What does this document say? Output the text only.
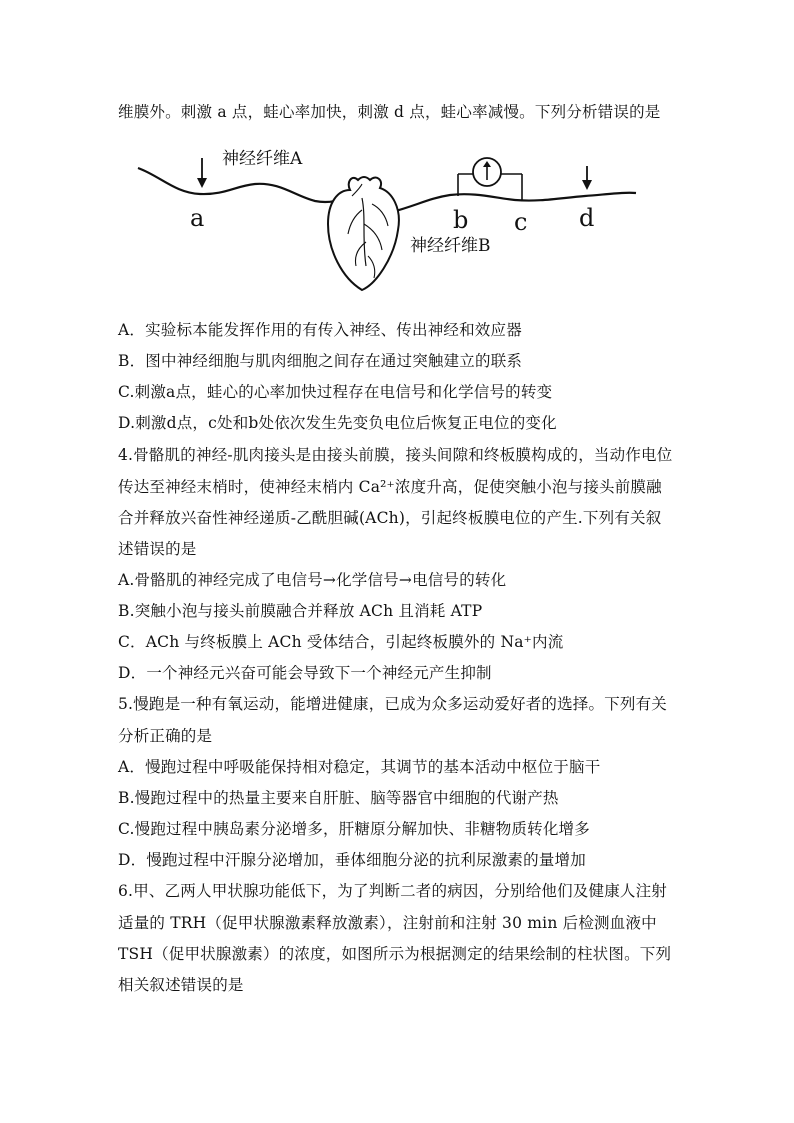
维膜外。刺激 a 点，蛙心率加快，刺激 d 点，蛙心率减慢。下列分析错误的是
神经纤维A
神经纤维B
a	b c d
A．实验标本能发挥作用的有传入神经、传出神经和效应器
B．图中神经细胞与肌肉细胞之间存在通过突触建立的联系
C.刺激a点，蛙心的心率加快过程存在电信号和化学信号的转变
D.刺激d点，c处和b处依次发生先变负电位后恢复正电位的变化
4.骨骼肌的神经-肌肉接头是由接头前膜，接头间隙和终板膜构成的，当动作电位
传达至神经末梢时，使神经末梢内 Ca²⁺浓度升高，促使突触小泡与接头前膜融
合并释放兴奋性神经递质-乙酰胆碱(ACh)，引起终板膜电位的产生.下列有关叙
述错误的是
A.骨骼肌的神经完成了电信号→化学信号→电信号的转化
B.突触小泡与接头前膜融合并释放 ACh 且消耗 ATP
C．ACh 与终板膜上 ACh 受体结合，引起终板膜外的 Na⁺内流
D．一个神经元兴奋可能会导致下一个神经元产生抑制
5.慢跑是一种有氧运动，能增进健康，已成为众多运动爱好者的选择。下列有关
分析正确的是
A．慢跑过程中呼吸能保持相对稳定，其调节的基本活动中枢位于脑干
B.慢跑过程中的热量主要来自肝脏、脑等器官中细胞的代谢产热
C.慢跑过程中胰岛素分泌增多，肝糖原分解加快、非糖物质转化增多
D．慢跑过程中汗腺分泌增加，垂体细胞分泌的抗利尿激素的量增加
6.甲、乙两人甲状腺功能低下，为了判断二者的病因，分别给他们及健康人注射
适量的 TRH（促甲状腺激素释放激素），注射前和注射 30 min 后检测血液中
TSH（促甲状腺激素）的浓度，如图所示为根据测定的结果绘制的柱状图。下列
相关叙述错误的是
